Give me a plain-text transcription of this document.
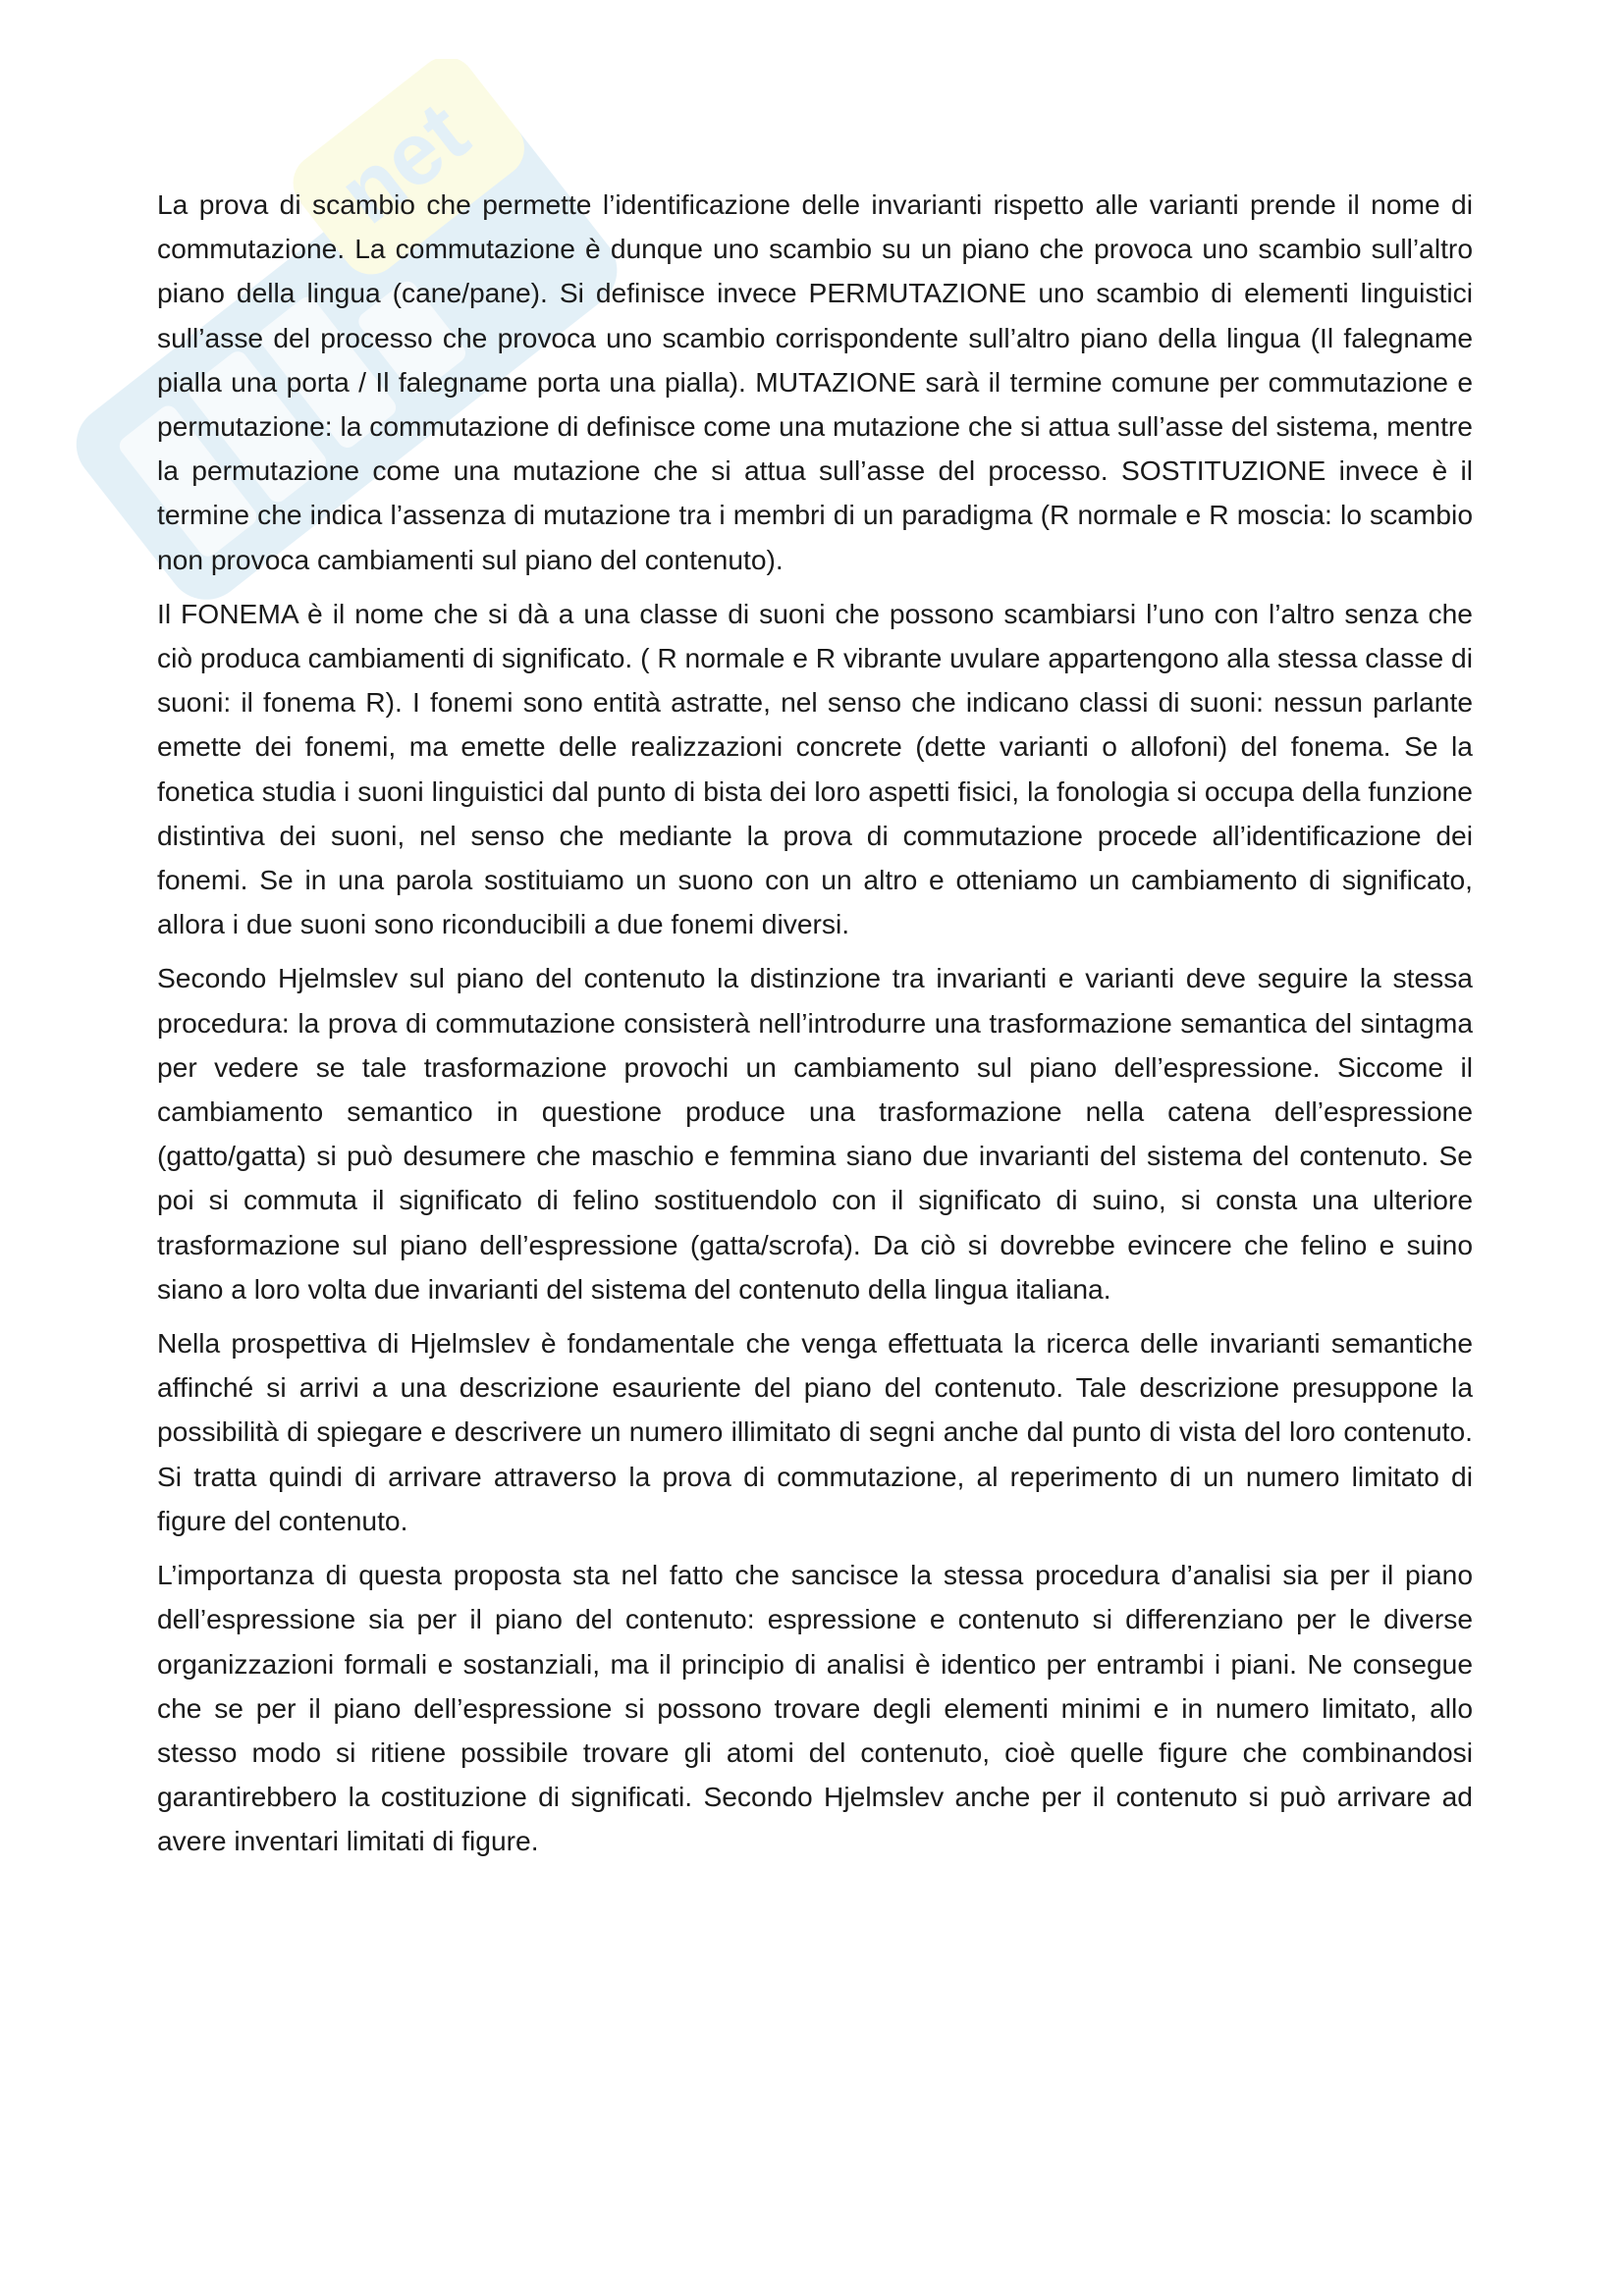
net

La prova di scambio che permette l’identificazione delle invarianti rispetto alle varianti prende il nome di commutazione. La commutazione è dunque uno scambio su un piano che provoca uno scambio sull’altro piano della lingua (cane/pane). Si definisce invece PERMUTAZIONE uno scambio di elementi linguistici sull’asse del processo che provoca uno scambio corrispondente sull’altro piano della lingua (Il falegname pialla una porta / Il falegname porta una pialla). MUTAZIONE sarà il termine comune per commutazione e permutazione: la commutazione di definisce come una mutazione che si attua sull’asse del sistema, mentre la permutazione come una mutazione che si attua sull’asse del processo. SOSTITUZIONE invece è il termine che indica l’assenza di mutazione tra i membri di un paradigma (R normale e R moscia: lo scambio non provoca cambiamenti sul piano del contenuto).

Il FONEMA è il nome che si dà a una classe di suoni che possono scambiarsi l’uno con l’altro senza che ciò produca cambiamenti di significato. ( R normale e R vibrante uvulare appartengono alla stessa classe di suoni: il fonema R). I fonemi sono entità astratte, nel senso che indicano classi di suoni: nessun parlante emette dei fonemi, ma emette delle realizzazioni concrete (dette varianti o allofoni) del fonema. Se la fonetica studia i suoni linguistici dal punto di bista dei loro aspetti fisici, la fonologia si occupa della funzione distintiva dei suoni, nel senso che mediante la prova di commutazione procede all’identificazione dei fonemi. Se in una parola sostituiamo un suono con un altro e otteniamo un cambiamento di significato, allora i due suoni sono riconducibili a due fonemi diversi.

Secondo Hjelmslev sul piano del contenuto la distinzione tra invarianti e varianti deve seguire la stessa procedura: la prova di commutazione consisterà nell’introdurre una trasformazione semantica del sintagma per vedere se tale trasformazione provochi un cambiamento sul piano dell’espressione. Siccome il cambiamento semantico in questione produce una trasformazione nella catena dell’espressione (gatto/gatta) si può desumere che maschio e femmina siano due invarianti del sistema del contenuto. Se poi si commuta il significato di felino sostituendolo con il significato di suino, si consta una ulteriore trasformazione sul piano dell’espressione (gatta/scrofa). Da ciò si dovrebbe evincere che felino e suino siano a loro volta due invarianti del sistema del contenuto della lingua italiana.

Nella prospettiva di Hjelmslev è fondamentale che venga effettuata la ricerca delle invarianti semantiche affinché si arrivi a una descrizione esauriente del piano del contenuto. Tale descrizione presuppone la possibilità di spiegare e descrivere un numero illimitato di segni anche dal punto di vista del loro contenuto. Si tratta quindi di arrivare attraverso la prova di commutazione, al reperimento di un numero limitato di figure del contenuto.

L’importanza di questa proposta sta nel fatto che sancisce la stessa procedura d’analisi sia per il piano dell’espressione sia per il piano del contenuto: espressione e contenuto si differenziano per le diverse organizzazioni formali e sostanziali, ma il principio di analisi è identico per entrambi i piani. Ne consegue che se per il piano dell’espressione si possono trovare degli elementi minimi e in numero limitato, allo stesso modo si ritiene possibile trovare gli atomi del contenuto, cioè quelle figure che combinandosi garantirebbero la costituzione di significati. Secondo Hjelmslev anche per il contenuto si può arrivare ad avere inventari limitati di figure.
